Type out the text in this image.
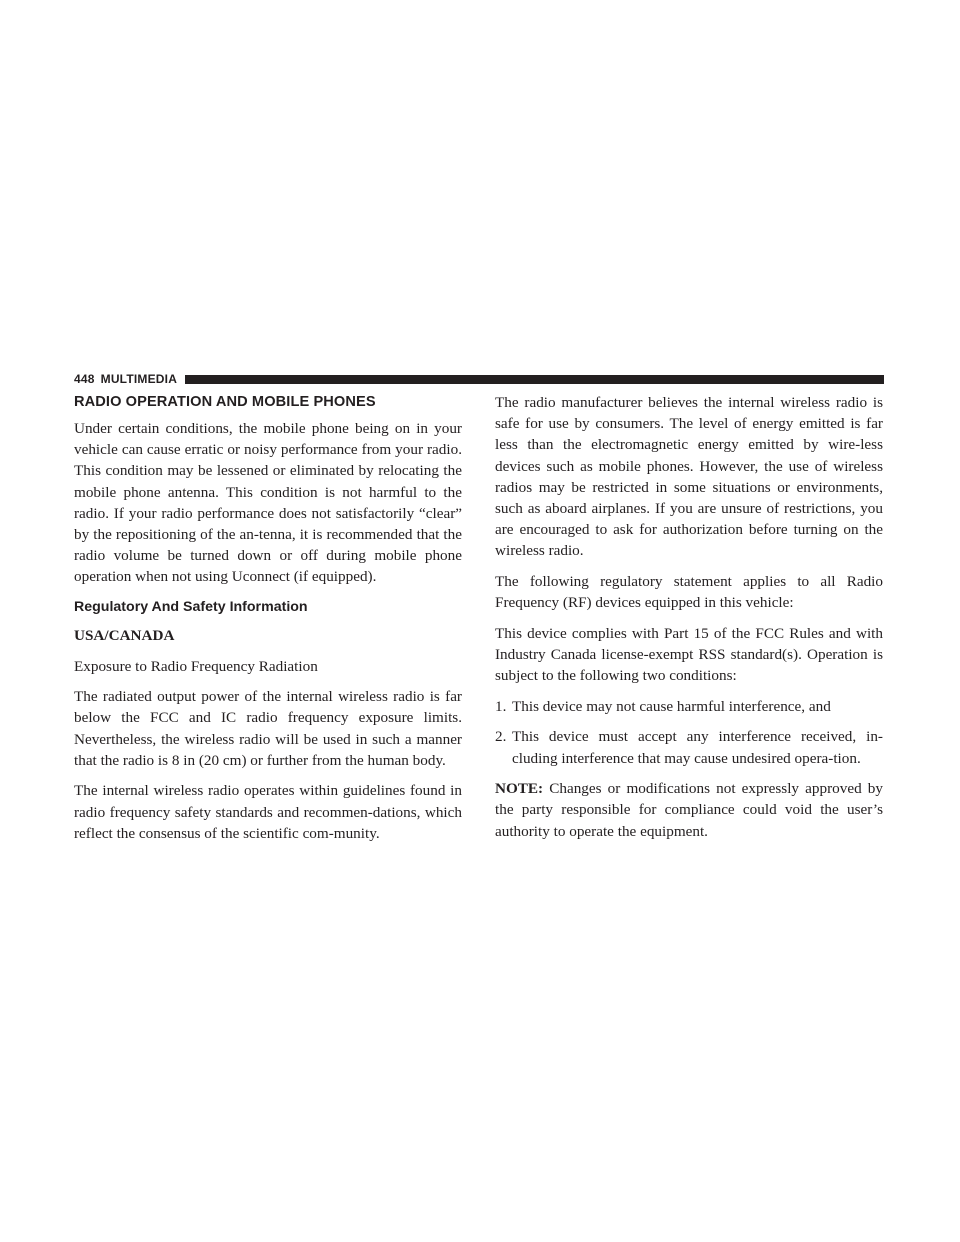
448 MULTIMEDIA
RADIO OPERATION AND MOBILE PHONES

Under certain conditions, the mobile phone being on in your vehicle can cause erratic or noisy performance from your radio. This condition may be lessened or eliminated by relocating the mobile phone antenna. This condition is not harmful to the radio. If your radio performance does not satisfactorily “clear” by the repositioning of the an-tenna, it is recommended that the radio volume be turned down or off during mobile phone operation when not using Uconnect (if equipped).

Regulatory And Safety Information

USA/CANADA

Exposure to Radio Frequency Radiation

The radiated output power of the internal wireless radio is far below the FCC and IC radio frequency exposure limits. Nevertheless, the wireless radio will be used in such a manner that the radio is 8 in (20 cm) or further from the human body.

The internal wireless radio operates within guidelines found in radio frequency safety standards and recommen-dations, which reflect the consensus of the scientific com-munity.

The radio manufacturer believes the internal wireless radio is safe for use by consumers. The level of energy emitted is far less than the electromagnetic energy emitted by wire-less devices such as mobile phones. However, the use of wireless radios may be restricted in some situations or environments, such as aboard airplanes. If you are unsure of restrictions, you are encouraged to ask for authorization before turning on the wireless radio.

The following regulatory statement applies to all Radio Frequency (RF) devices equipped in this vehicle:

This device complies with Part 15 of the FCC Rules and with Industry Canada license-exempt RSS standard(s). Operation is subject to the following two conditions:

1. This device may not cause harmful interference, and
2. This device must accept any interference received, in-cluding interference that may cause undesired opera-tion.

NOTE: Changes or modifications not expressly approved by the party responsible for compliance could void the user’s authority to operate the equipment.
